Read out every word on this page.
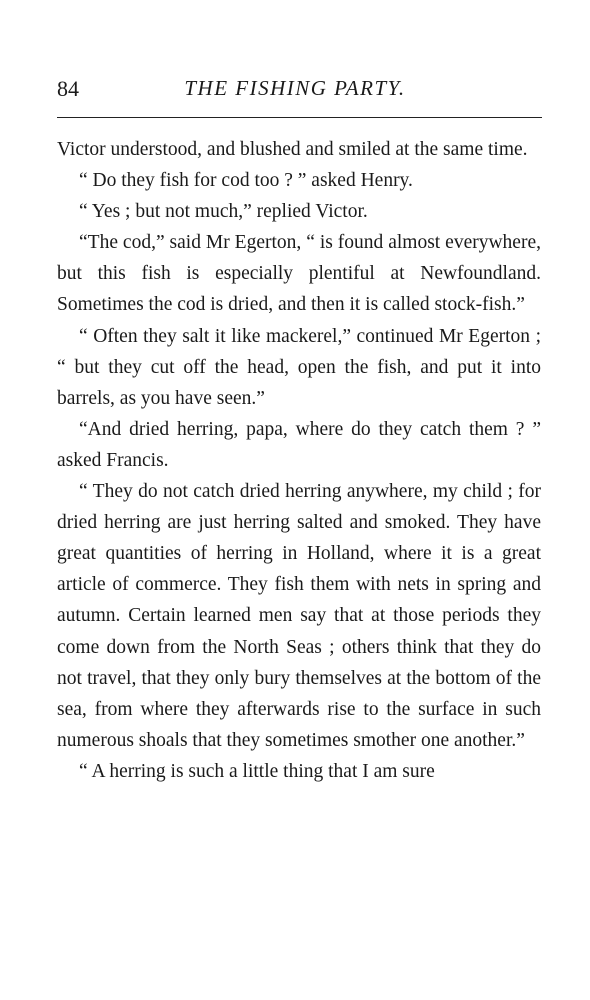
84	THE FISHING PARTY.

Victor understood, and blushed and smiled at the same time.

“ Do they fish for cod too ? ” asked Henry.

“ Yes ; but not much,” replied Victor.

“The cod,” said Mr Egerton, “ is found almost everywhere, but this fish is especially plentiful at Newfoundland. Sometimes the cod is dried, and then it is called stock-fish.”

“ Often they salt it like mackerel,” continued Mr Egerton ; “ but they cut off the head, open the fish, and put it into barrels, as you have seen.”

“And dried herring, papa, where do they catch them ? ” asked Francis.

“ They do not catch dried herring anywhere, my child ; for dried herring are just herring salted and smoked. They have great quantities of herring in Holland, where it is a great article of commerce. They fish them with nets in spring and autumn. Certain learned men say that at those periods they come down from the North Seas ; others think that they do not travel, that they only bury themselves at the bottom of the sea, from where they afterwards rise to the surface in such numerous shoals that they sometimes smother one another.”

“ A herring is such a little thing that I am sure
